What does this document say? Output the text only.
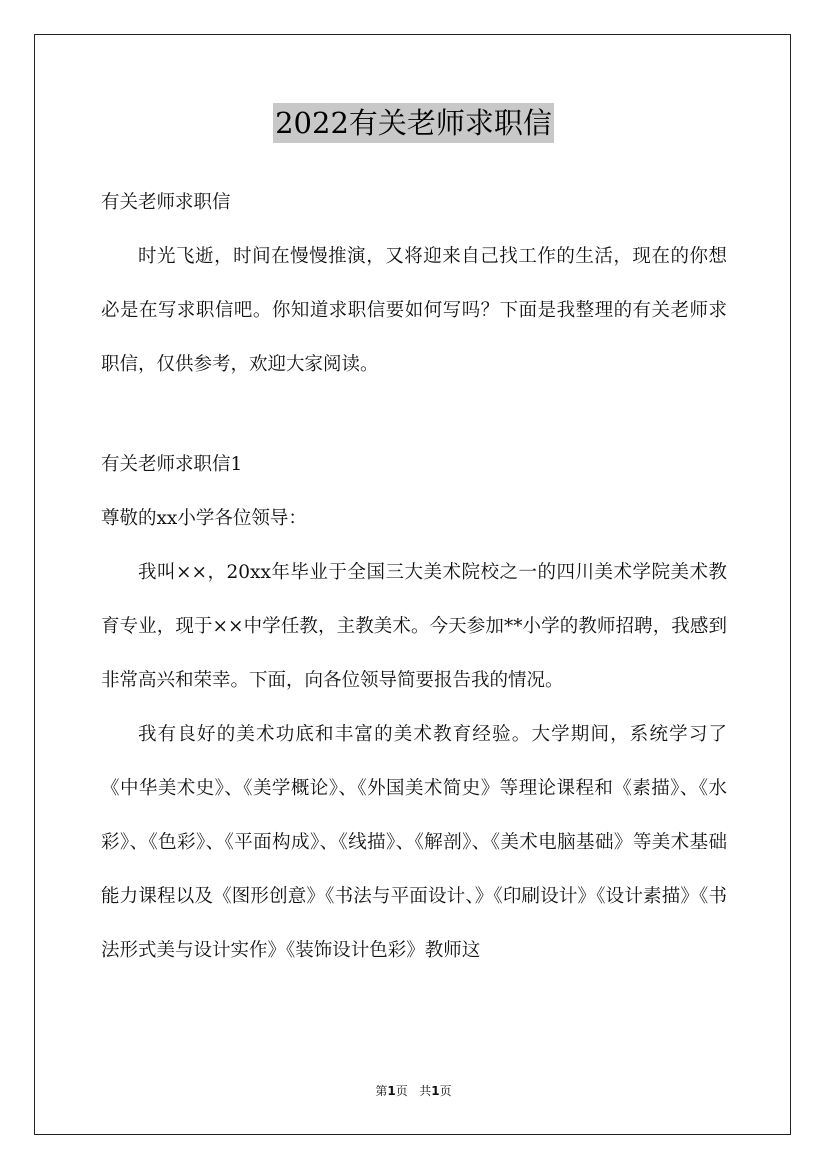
2022有关老师求职信

有关老师求职信

时光飞逝，时间在慢慢推演，又将迎来自己找工作的生活，现在的你想必是在写求职信吧。你知道求职信要如何写吗？下面是我整理的有关老师求职信，仅供参考，欢迎大家阅读。

有关老师求职信1

尊敬的xx小学各位领导：

我叫××，20xx年毕业于全国三大美术院校之一的四川美术学院美术教育专业，现于××中学任教，主教美术。今天参加**小学的教师招聘，我感到非常高兴和荣幸。下面，向各位领导简要报告我的情况。

我有良好的美术功底和丰富的美术教育经验。大学期间，系统学习了《中华美术史》、《美学概论》、《外国美术简史》等理论课程和《素描》、《水彩》、《色彩》、《平面构成》、《线描》、《解剖》、《美术电脑基础》等美术基础能力课程以及《图形创意》《书法与平面设计、》《印刷设计》《设计素描》《书法形式美与设计实作》《装饰设计色彩》教师这

第1页 共1页
